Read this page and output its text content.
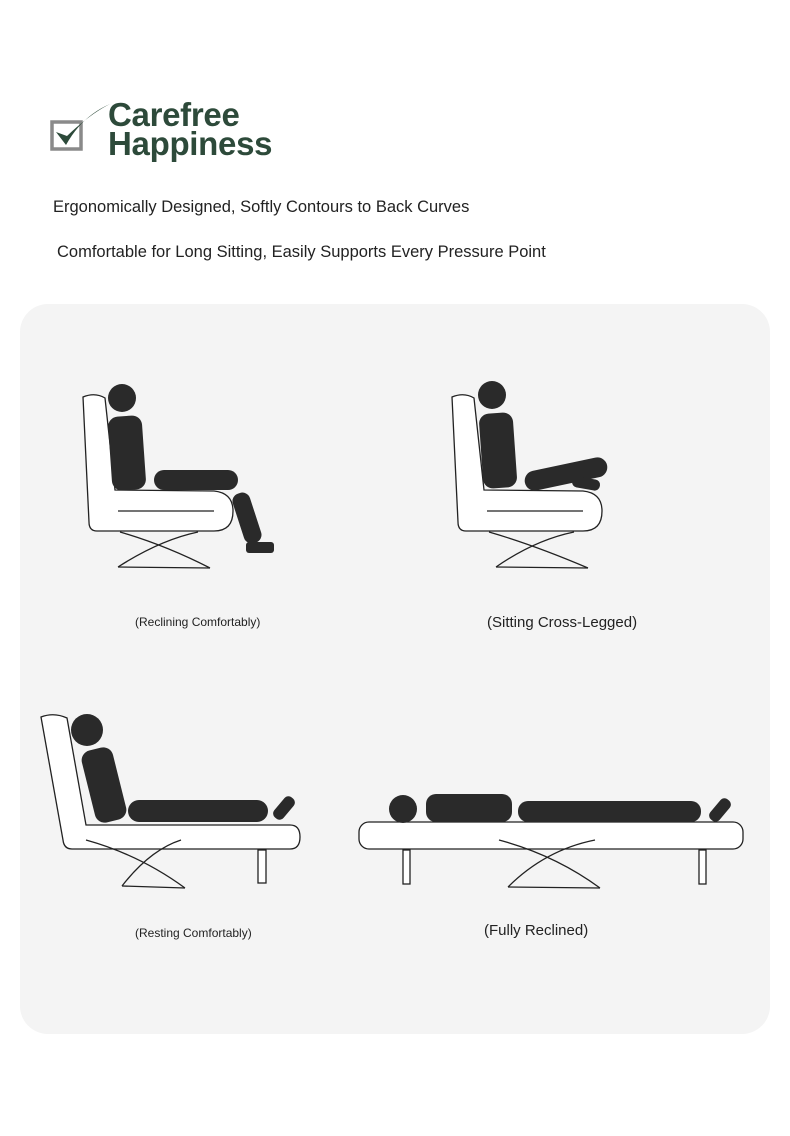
Carefree
Happiness
Ergonomically Designed, Softly Contours to Back Curves
Comfortable for Long Sitting, Easily Supports Every Pressure Point
(Reclining Comfortably)	(Sitting Cross-Legged)
(Resting Comfortably)	(Fully Reclined)
